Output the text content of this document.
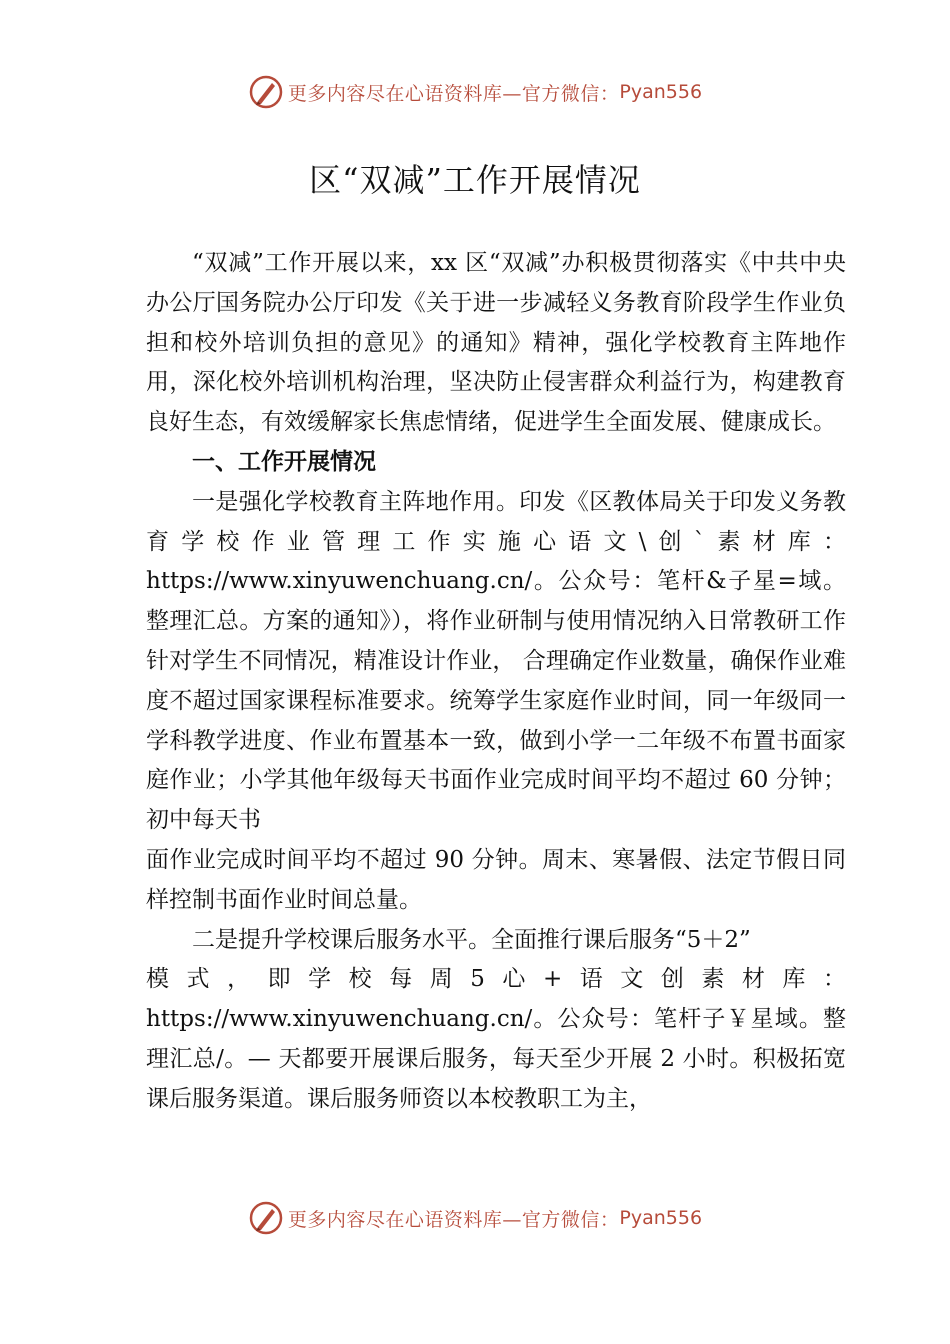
更多内容尽在心语资料库—官方微信： Pyan556
区“双减”工作开展情况

“双减”工作开展以来，xx 区“双减”办积极贯彻落实《中共中央办公厅国务院办公厅印发《关于进一步减轻义务教育阶段学生作业负担和校外培训负担的意见》的通知》精神，强化学校教育主阵地作用，深化校外培训机构治理，坚决防止侵害群众利益行为，构建教育良好生态，有效缓解家长焦虑情绪，促进学生全面发展、健康成长。

一、工作开展情况

一是强化学校教育主阵地作用。印发《区教体局关于印发义务教育学校作业管理工作实施心语文\创`素材库：https://www.xinyuwenchuang.cn/。公众号：笔杆&子星=域。整理汇总。方案的通知》），将作业研制与使用情况纳入日常教研工作针对学生不同情况，精准设计作业， 合理确定作业数量，确保作业难度不超过国家课程标准要求。统筹学生家庭作业时间，同一年级同一学科教学进度、作业布置基本一致，做到小学一二年级不布置书面家庭作业；小学其他年级每天书面作业完成时间平均不超过 60 分钟；初中每天书

面作业完成时间平均不超过 90 分钟。周末、寒暑假、法定节假日同样控制书面作业时间总量。

二是提升学校课后服务水平。全面推行课后服务“5＋2”
模 式 ， 即 学 校 每 周 5 心 + 语 文 创 素 材 库 ：
https://www.xinyuwenchuang.cn/。公众号：笔杆子￥星域。整理汇总/。— 天都要开展课后服务，每天至少开展 2 小时。积极拓宽课后服务渠道。课后服务师资以本校教职工为主，

更多内容尽在心语资料库—官方微信： Pyan556
